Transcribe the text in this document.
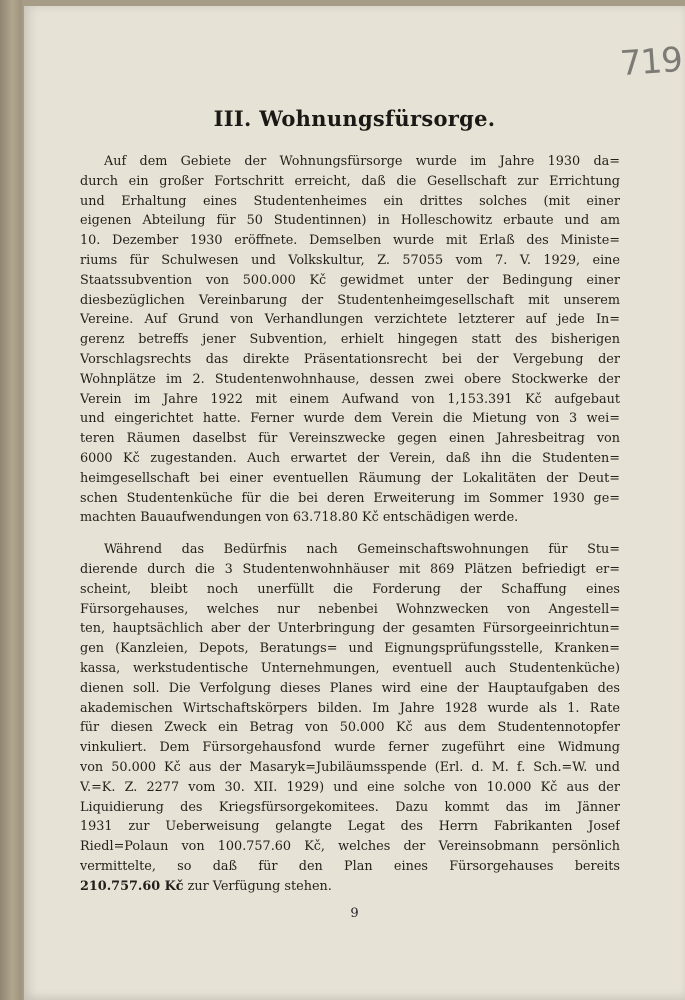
719
III. Wohnungsfürsorge.
Auf dem Gebiete der Wohnungsfürsorge wurde im Jahre 1930 da=
durch ein großer Fortschritt erreicht, daß die Gesellschaft zur Errichtung
und Erhaltung eines Studentenheimes ein drittes solches (mit einer
eigenen Abteilung für 50 Studentinnen) in Holleschowitz erbaute und am
10. Dezember 1930 eröffnete. Demselben wurde mit Erlaß des Ministe=
riums für Schulwesen und Volkskultur, Z. 57055 vom 7. V. 1929, eine
Staatssubvention von 500.000 Kč gewidmet unter der Bedingung einer
diesbezüglichen Vereinbarung der Studentenheimgesellschaft mit unserem
Vereine. Auf Grund von Verhandlungen verzichtete letzterer auf jede In=
gerenz betreffs jener Subvention, erhielt hingegen statt des bisherigen
Vorschlagsrechts das direkte Präsentationsrecht bei der Vergebung der
Wohnplätze im 2. Studentenwohnhause, dessen zwei obere Stockwerke der
Verein im Jahre 1922 mit einem Aufwand von 1,153.391 Kč aufgebaut
und eingerichtet hatte. Ferner wurde dem Verein die Mietung von 3 wei=
teren Räumen daselbst für Vereinszwecke gegen einen Jahresbeitrag von
6000 Kč zugestanden. Auch erwartet der Verein, daß ihn die Studenten=
heimgesellschaft bei einer eventuellen Räumung der Lokalitäten der Deut=
schen Studentenküche für die bei deren Erweiterung im Sommer 1930 ge=
machten Bauaufwendungen von 63.718.80 Kč entschädigen werde.
Während das Bedürfnis nach Gemeinschaftswohnungen für Stu=
dierende durch die 3 Studentenwohnhäuser mit 869 Plätzen befriedigt er=
scheint, bleibt noch unerfüllt die Forderung der Schaffung eines
Fürsorgehauses, welches nur nebenbei Wohnzwecken von Angestell=
ten, hauptsächlich aber der Unterbringung der gesamten Fürsorgeeinrichtun=
gen (Kanzleien, Depots, Beratungs= und Eignungsprüfungsstelle, Kranken=
kassa, werkstudentische Unternehmungen, eventuell auch Studentenküche)
dienen soll. Die Verfolgung dieses Planes wird eine der Hauptaufgaben des
akademischen Wirtschaftskörpers bilden. Im Jahre 1928 wurde als 1. Rate
für diesen Zweck ein Betrag von 50.000 Kč aus dem Studentennotopfer
vinkuliert. Dem Fürsorgehausfond wurde ferner zugeführt eine Widmung
von 50.000 Kč aus der Masaryk=Jubiläumsspende (Erl. d. M. f. Sch.=W. und
V.=K. Z. 2277 vom 30. XII. 1929) und eine solche von 10.000 Kč aus der
Liquidierung des Kriegsfürsorgekomitees. Dazu kommt das im Jänner
1931 zur Ueberweisung gelangte Legat des Herrn Fabrikanten Josef
Riedl=Polaun von 100.757.60 Kč, welches der Vereinsobmann persönlich
vermittelte, so daß für den Plan eines Fürsorgehauses bereits
210.757.60 Kč zur Verfügung stehen.
9
